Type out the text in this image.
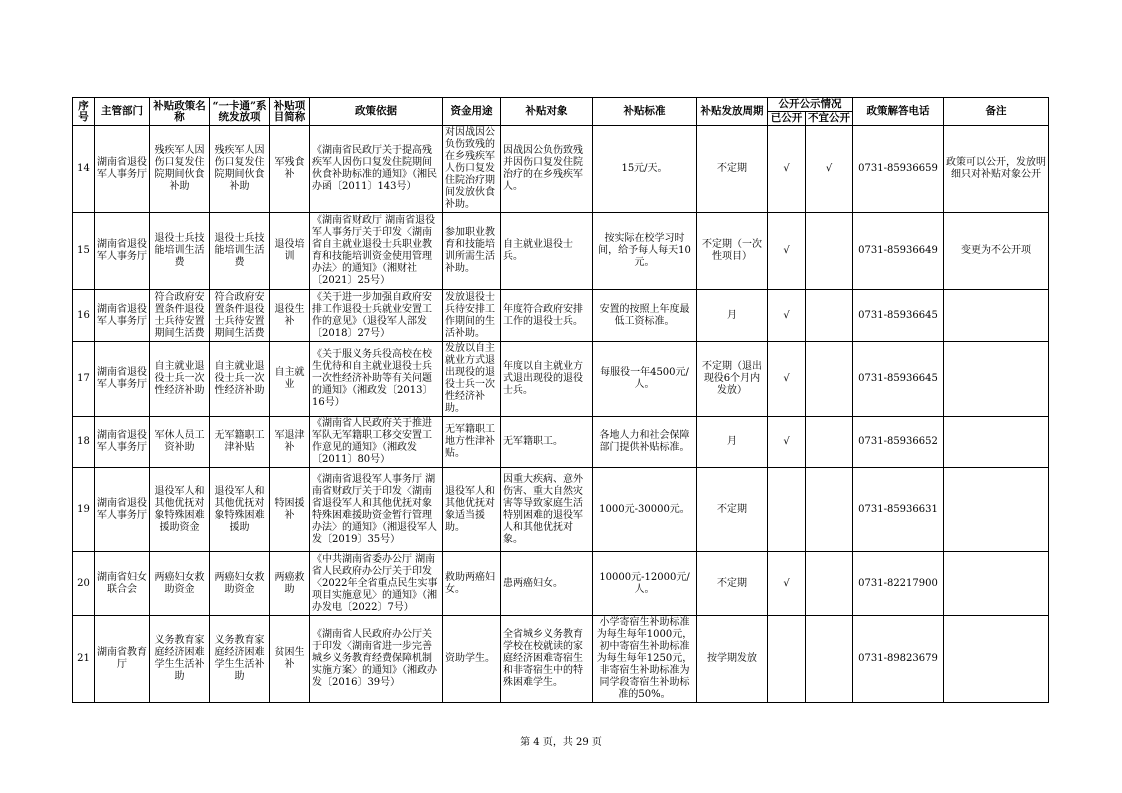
序号	主管部门	补贴政策名称	“一卡通”系统发放项	补贴项目简称	政策依据	资金用途	补贴对象	补贴标准	补贴发放周期	公开公示情况		政策解答电话	备注
										已公开	不宜公开		
14	湖南省退役军人事务厅	残疾军人因伤口复发住院期间伙食补助	残疾军人因伤口复发住院期间伙食补助	军残食补	《湖南省民政厅关于提高残疾军人因伤口复发住院期间伙食补助标准的通知》（湘民办函〔2011〕143号）	对因战因公负伤致残的在乡残疾军人伤口复发住院治疗期间发放伙食补助。	因战因公负伤致残并因伤口复发住院治疗的在乡残疾军人。	15元/天。	不定期	√	√	0731-85936659	政策可以公开，发放明细只对补贴对象公开
15	湖南省退役军人事务厅	退役士兵技能培训生活费	退役士兵技能培训生活费	退役培训	《湖南省财政厅 湖南省退役军人事务厅关于印发〈湖南省自主就业退役士兵职业教育和技能培训资金使用管理办法〉的通知》（湘财社〔2021〕25号）	参加职业教育和技能培训所需生活补助。	自主就业退役士兵。	按实际在校学习时间，给予每人每天10元。	不定期（一次性项目）	√		0731-85936649	变更为不公开项
16	湖南省退役军人事务厅	符合政府安置条件退役士兵待安置期间生活费	符合政府安置条件退役士兵待安置期间生活费	退役生补	《关于进一步加强自政府安排工作退役士兵就业安置工作的意见》（退役军人部发〔2018〕27号）	发放退役士兵待安排工作期间的生活补助。	年度符合政府安排工作的退役士兵。	安置的按照上年度最低工资标准。	月	√		0731-85936645	
17	湖南省退役军人事务厅	自主就业退役士兵一次性经济补助	自主就业退役士兵一次性经济补助	自主就业	《关于服义务兵役高校在校生优待和自主就业退役士兵一次性经济补助等有关问题的通知》（湘政发〔2013〕16号）	发放以自主就业方式退出现役的退役士兵一次性经济补助。	年度以自主就业方式退出现役的退役士兵。	每服役一年4500元/人。	不定期（退出现役6个月内发放）	√		0731-85936645	
18	湖南省退役军人事务厅	军休人员工资补助	无军籍职工津补贴	军退津补	《湖南省人民政府关于推进军队无军籍职工移交安置工作意见的通知》（湘政发〔2011〕80号）	无军籍职工地方性津补贴。	无军籍职工。	各地人力和社会保障部门提供补贴标准。	月	√		0731-85936652	
19	湖南省退役军人事务厅	退役军人和其他优抚对象特殊困难援助资金	退役军人和其他优抚对象特殊困难援助	特困援补	《湖南省退役军人事务厅 湖南省财政厅关于印发〈湖南省退役军人和其他优抚对象特殊困难援助资金暂行管理办法〉的通知》（湘退役军人发〔2019〕35号）	退役军人和其他优抚对象适当援助。	因重大疾病、意外伤害、重大自然灾害等导致家庭生活特别困难的退役军人和其他优抚对象。	1000元-30000元。	不定期			0731-85936631	
20	湖南省妇女联合会	两癌妇女救助资金	两癌妇女救助资金	两癌救助	《中共湖南省委办公厅 湖南省人民政府办公厅关于印发〈2022年全省重点民生实事项目实施意见〉的通知》（湘办发电〔2022〕7号）	救助两癌妇女。	患两癌妇女。	10000元-12000元/人。	不定期	√		0731-82217900	
21	湖南省教育厅	义务教育家庭经济困难学生生活补助	义务教育家庭经济困难学生生活补助	贫困生补	《湖南省人民政府办公厅关于印发〈湖南省进一步完善城乡义务教育经费保障机制实施方案〉的通知》（湘政办发〔2016〕39号）	资助学生。	全省城乡义务教育学校在校就读的家庭经济困难寄宿生和非寄宿生中的特殊困难学生。	小学寄宿生补助标准为每生每年1000元，初中寄宿生补助标准为每生每年1250元，非寄宿生补助标准为同学段寄宿生补助标准的50%。	按学期发放			0731-89823679	
第 4 页，共 29 页
